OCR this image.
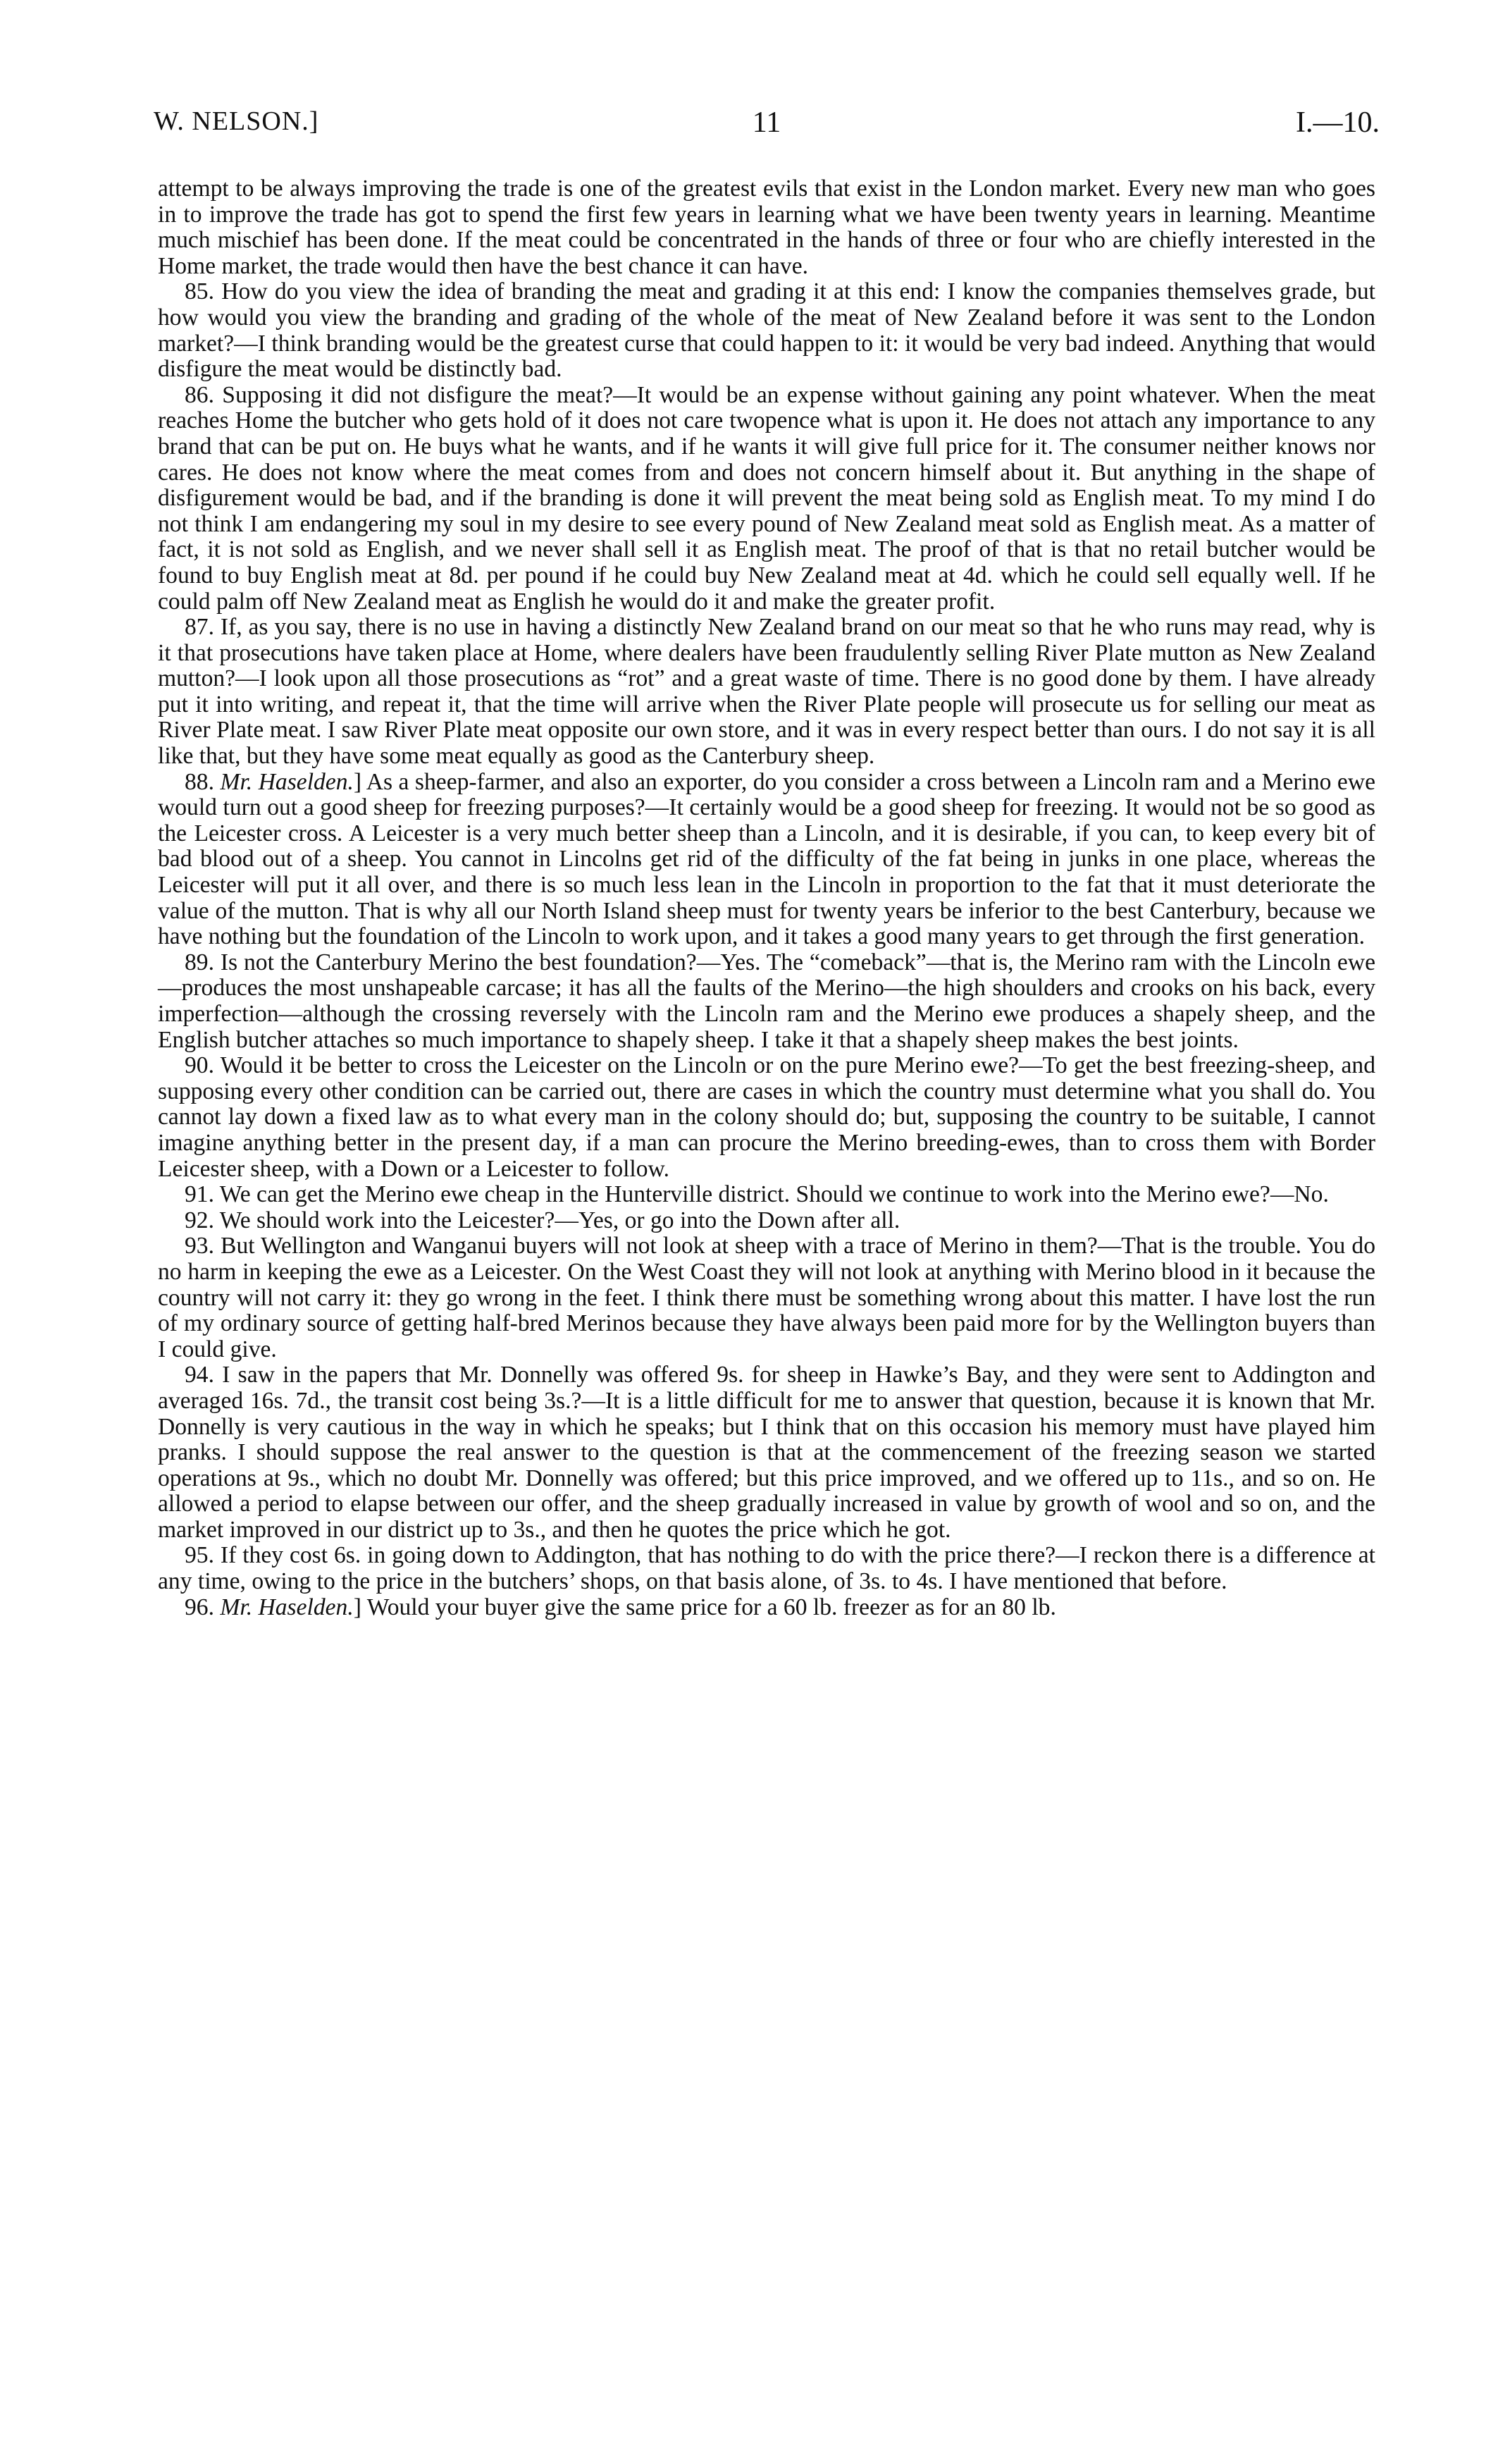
W. NELSON.]	11	I.—10.

attempt to be always improving the trade is one of the greatest evils that exist in the London market. Every new man who goes in to improve the trade has got to spend the first few years in learning what we have been twenty years in learning. Meantime much mischief has been done. If the meat could be concentrated in the hands of three or four who are chiefly interested in the Home market, the trade would then have the best chance it can have.

85. How do you view the idea of branding the meat and grading it at this end: I know the companies themselves grade, but how would you view the branding and grading of the whole of the meat of New Zealand before it was sent to the London market?—I think branding would be the greatest curse that could happen to it: it would be very bad indeed. Anything that would disfigure the meat would be distinctly bad.

86. Supposing it did not disfigure the meat?—It would be an expense without gaining any point whatever. When the meat reaches Home the butcher who gets hold of it does not care twopence what is upon it. He does not attach any importance to any brand that can be put on. He buys what he wants, and if he wants it will give full price for it. The consumer neither knows nor cares. He does not know where the meat comes from and does not concern himself about it. But anything in the shape of disfigurement would be bad, and if the branding is done it will prevent the meat being sold as English meat. To my mind I do not think I am endangering my soul in my desire to see every pound of New Zealand meat sold as English meat. As a matter of fact, it is not sold as English, and we never shall sell it as English meat. The proof of that is that no retail butcher would be found to buy English meat at 8d. per pound if he could buy New Zealand meat at 4d. which he could sell equally well. If he could palm off New Zealand meat as English he would do it and make the greater profit.

87. If, as you say, there is no use in having a distinctly New Zealand brand on our meat so that he who runs may read, why is it that prosecutions have taken place at Home, where dealers have been fraudulently selling River Plate mutton as New Zealand mutton?—I look upon all those prosecutions as “rot” and a great waste of time. There is no good done by them. I have already put it into writing, and repeat it, that the time will arrive when the River Plate people will prosecute us for selling our meat as River Plate meat. I saw River Plate meat opposite our own store, and it was in every respect better than ours. I do not say it is all like that, but they have some meat equally as good as the Canterbury sheep.

88. Mr. Haselden.] As a sheep-farmer, and also an exporter, do you consider a cross between a Lincoln ram and a Merino ewe would turn out a good sheep for freezing purposes?—It certainly would be a good sheep for freezing. It would not be so good as the Leicester cross. A Leicester is a very much better sheep than a Lincoln, and it is desirable, if you can, to keep every bit of bad blood out of a sheep. You cannot in Lincolns get rid of the difficulty of the fat being in junks in one place, whereas the Leicester will put it all over, and there is so much less lean in the Lincoln in proportion to the fat that it must deteriorate the value of the mutton. That is why all our North Island sheep must for twenty years be inferior to the best Canterbury, because we have nothing but the foundation of the Lincoln to work upon, and it takes a good many years to get through the first generation.

89. Is not the Canterbury Merino the best foundation?—Yes. The “comeback”—that is, the Merino ram with the Lincoln ewe—produces the most unshapeable carcase; it has all the faults of the Merino—the high shoulders and crooks on his back, every imperfection—although the crossing reversely with the Lincoln ram and the Merino ewe produces a shapely sheep, and the English butcher attaches so much importance to shapely sheep. I take it that a shapely sheep makes the best joints.

90. Would it be better to cross the Leicester on the Lincoln or on the pure Merino ewe?—To get the best freezing-sheep, and supposing every other condition can be carried out, there are cases in which the country must determine what you shall do. You cannot lay down a fixed law as to what every man in the colony should do; but, supposing the country to be suitable, I cannot imagine anything better in the present day, if a man can procure the Merino breeding-ewes, than to cross them with Border Leicester sheep, with a Down or a Leicester to follow.

91. We can get the Merino ewe cheap in the Hunterville district. Should we continue to work into the Merino ewe?—No.

92. We should work into the Leicester?—Yes, or go into the Down after all.

93. But Wellington and Wanganui buyers will not look at sheep with a trace of Merino in them?—That is the trouble. You do no harm in keeping the ewe as a Leicester. On the West Coast they will not look at anything with Merino blood in it because the country will not carry it: they go wrong in the feet. I think there must be something wrong about this matter. I have lost the run of my ordinary source of getting half-bred Merinos because they have always been paid more for by the Wellington buyers than I could give.

94. I saw in the papers that Mr. Donnelly was offered 9s. for sheep in Hawke’s Bay, and they were sent to Addington and averaged 16s. 7d., the transit cost being 3s.?—It is a little difficult for me to answer that question, because it is known that Mr. Donnelly is very cautious in the way in which he speaks; but I think that on this occasion his memory must have played him pranks. I should suppose the real answer to the question is that at the commencement of the freezing season we started operations at 9s., which no doubt Mr. Donnelly was offered; but this price improved, and we offered up to 11s., and so on. He allowed a period to elapse between our offer, and the sheep gradually increased in value by growth of wool and so on, and the market improved in our district up to 3s., and then he quotes the price which he got.

95. If they cost 6s. in going down to Addington, that has nothing to do with the price there?—I reckon there is a difference at any time, owing to the price in the butchers’ shops, on that basis alone, of 3s. to 4s. I have mentioned that before.

96. Mr. Haselden.] Would your buyer give the same price for a 60 lb. freezer as for an 80 lb.
